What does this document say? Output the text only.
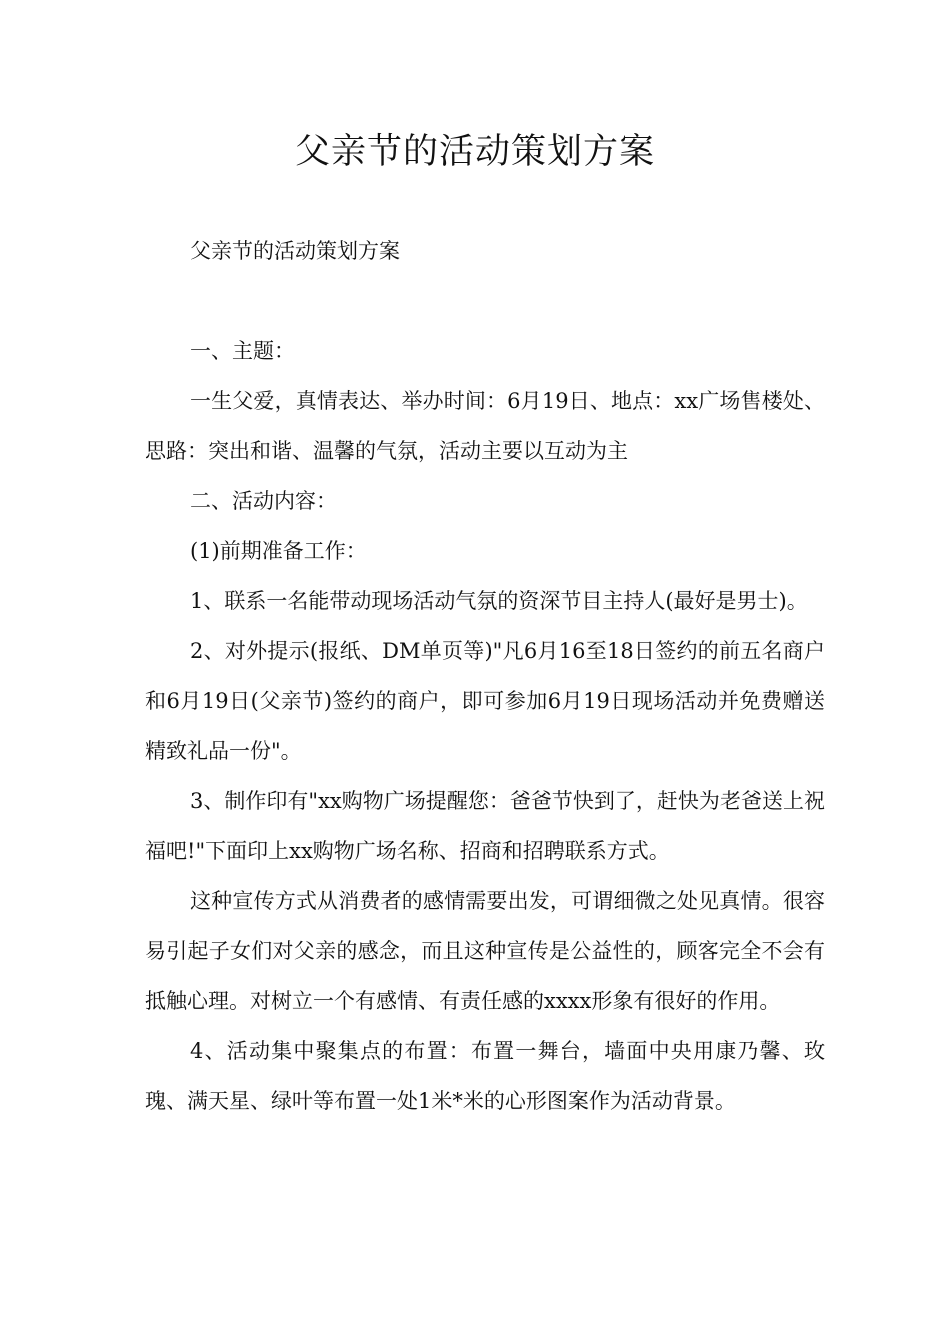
父亲节的活动策划方案
父亲节的活动策划方案

一、主题：

一生父爱，真情表达、举办时间：6月19日、地点：xx广场售楼处、思路：突出和谐、温馨的气氛，活动主要以互动为主

二、活动内容：

(1)前期准备工作：

1、联系一名能带动现场活动气氛的资深节目主持人(最好是男士)。

2、对外提示(报纸、DM单页等)"凡6月16至18日签约的前五名商户和6月19日(父亲节)签约的商户，即可参加6月19日现场活动并免费赠送精致礼品一份"。

3、制作印有"xx购物广场提醒您：爸爸节快到了，赶快为老爸送上祝福吧!"下面印上xx购物广场名称、招商和招聘联系方式。

这种宣传方式从消费者的感情需要出发，可谓细微之处见真情。很容易引起子女们对父亲的感念，而且这种宣传是公益性的，顾客完全不会有抵触心理。对树立一个有感情、有责任感的xxxx形象有很好的作用。

4、活动集中聚集点的布置：布置一舞台，墙面中央用康乃馨、玫瑰、满天星、绿叶等布置一处1米*米的心形图案作为活动背景。
